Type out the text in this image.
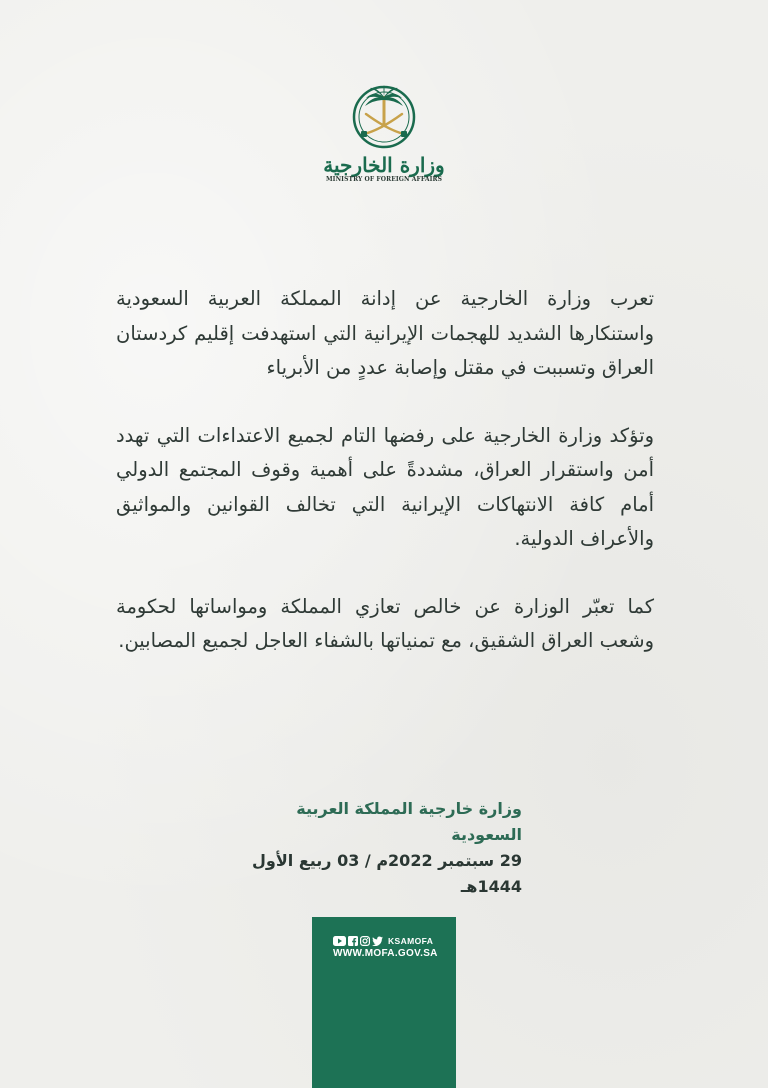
وزارة الخارجية
MINISTRY OF FOREIGN AFFAIRS

تعرب وزارة الخارجية عن إدانة المملكة العربية السعودية واستنكارها الشديد للهجمات الإيرانية التي استهدفت إقليم كردستان العراق وتسببت في مقتل وإصابة عددٍ من الأبرياء

وتؤكد وزارة الخارجية على رفضها التام لجميع الاعتداءات التي تهدد أمن واستقرار العراق، مشددةً على أهمية وقوف المجتمع الدولي أمام كافة الانتهاكات الإيرانية التي تخالف القوانين والمواثيق والأعراف الدولية.

كما تعبّر الوزارة عن خالص تعازي المملكة ومواساتها لحكومة وشعب العراق الشقيق، مع تمنياتها بالشفاء العاجل لجميع المصابين.

وزارة خارجية المملكة العربية السعودية
29 سبتمبر 2022م / 03 ربيع الأول 1444هـ
KSAMOFA
WWW.MOFA.GOV.SA
